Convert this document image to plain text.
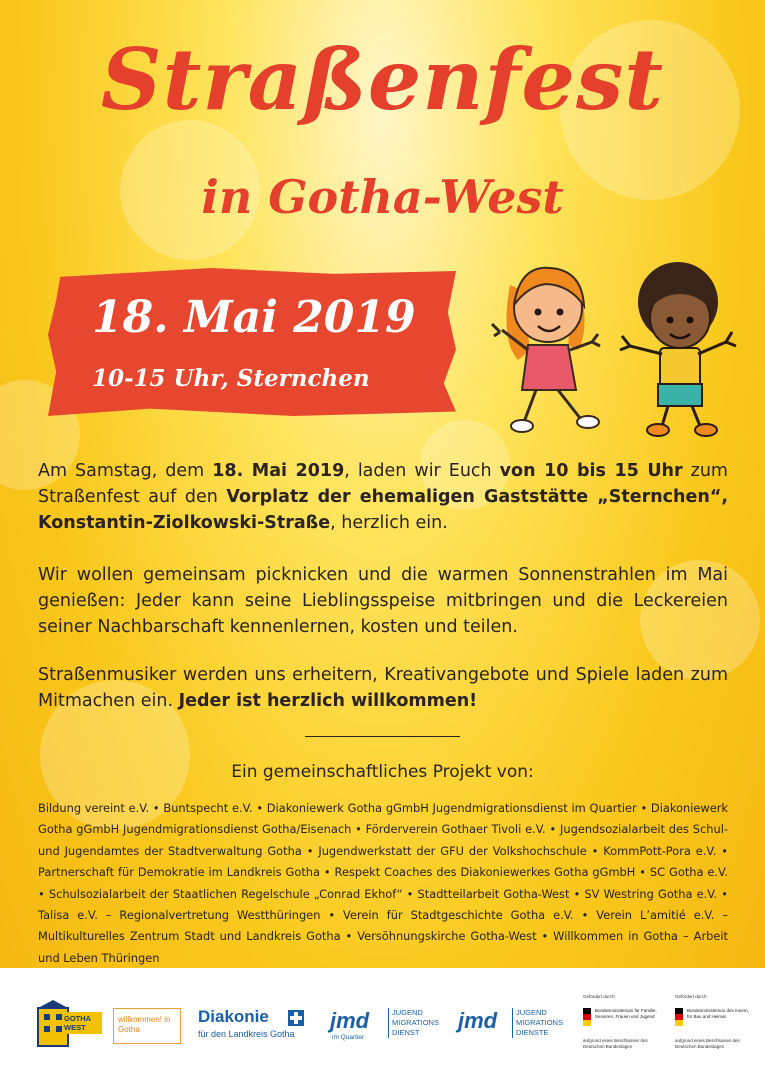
Straßenfest
in Gotha-West

18. Mai 2019

10-15 Uhr, Sternchen

Am Samstag, dem 18. Mai 2019, laden wir Euch von 10 bis 15 Uhr zum Straßenfest auf den Vorplatz der ehemaligen Gaststätte „Sternchen“, Konstantin-Ziolkowski-Straße, herzlich ein.

Wir wollen gemeinsam picknicken und die warmen Sonnenstrahlen im Mai genießen: Jeder kann seine Lieblingsspeise mitbringen und die Leckereien seiner Nachbarschaft kennenlernen, kosten und teilen.

Straßenmusiker werden uns erheitern, Kreativangebote und Spiele laden zum Mitmachen ein. Jeder ist herzlich willkommen!

Ein gemeinschaftliches Projekt von:

Bildung vereint e.V. • Buntspecht e.V. • Diakoniewerk Gotha gGmbH Jugendmigrationsdienst im Quartier • Diakoniewerk Gotha gGmbH Jugendmigrationsdienst Gotha/Eisenach • Förderverein Gothaer Tivoli e.V. • Jugendsozialarbeit des Schul- und Jugendamtes der Stadtverwaltung Gotha • Jugendwerkstatt der GFU der Volkshochschule • KommPott-Pora e.V. • Partnerschaft für Demokratie im Landkreis Gotha • Respekt Coaches des Diakoniewerkes Gotha gGmbH • SC Gotha e.V. • Schulsozialarbeit der Staatlichen Regelschule „Conrad Ekhof“ • Stadtteilarbeit Gotha-West • SV Westring Gotha e.V. • Talisa e.V. – Regionalvertretung Westthüringen • Verein für Stadtgeschichte Gotha e.V. • Verein L’amitié e.V. – Multikulturelles Zentrum Stadt und Landkreis Gotha • Versöhnungskirche Gotha-West • Willkommen in Gotha – Arbeit und Leben Thüringen

GOTHA WEST
willkommen! in Gotha
Diakonie
für den Landkreis Gotha
jmd
im Quartier
JUGEND MIGRATIONS DIENST	jmd	JUGEND MIGRATIONS DIENSTE
Gefördert durch:
Bundesministerium für Familie, Senioren, Frauen und Jugend
aufgrund eines Beschlusses des Deutschen Bundestages
Gefördert durch:
Bundesministerium des Innern, für Bau und Heimat
aufgrund eines Beschlusses des Deutschen Bundestages
